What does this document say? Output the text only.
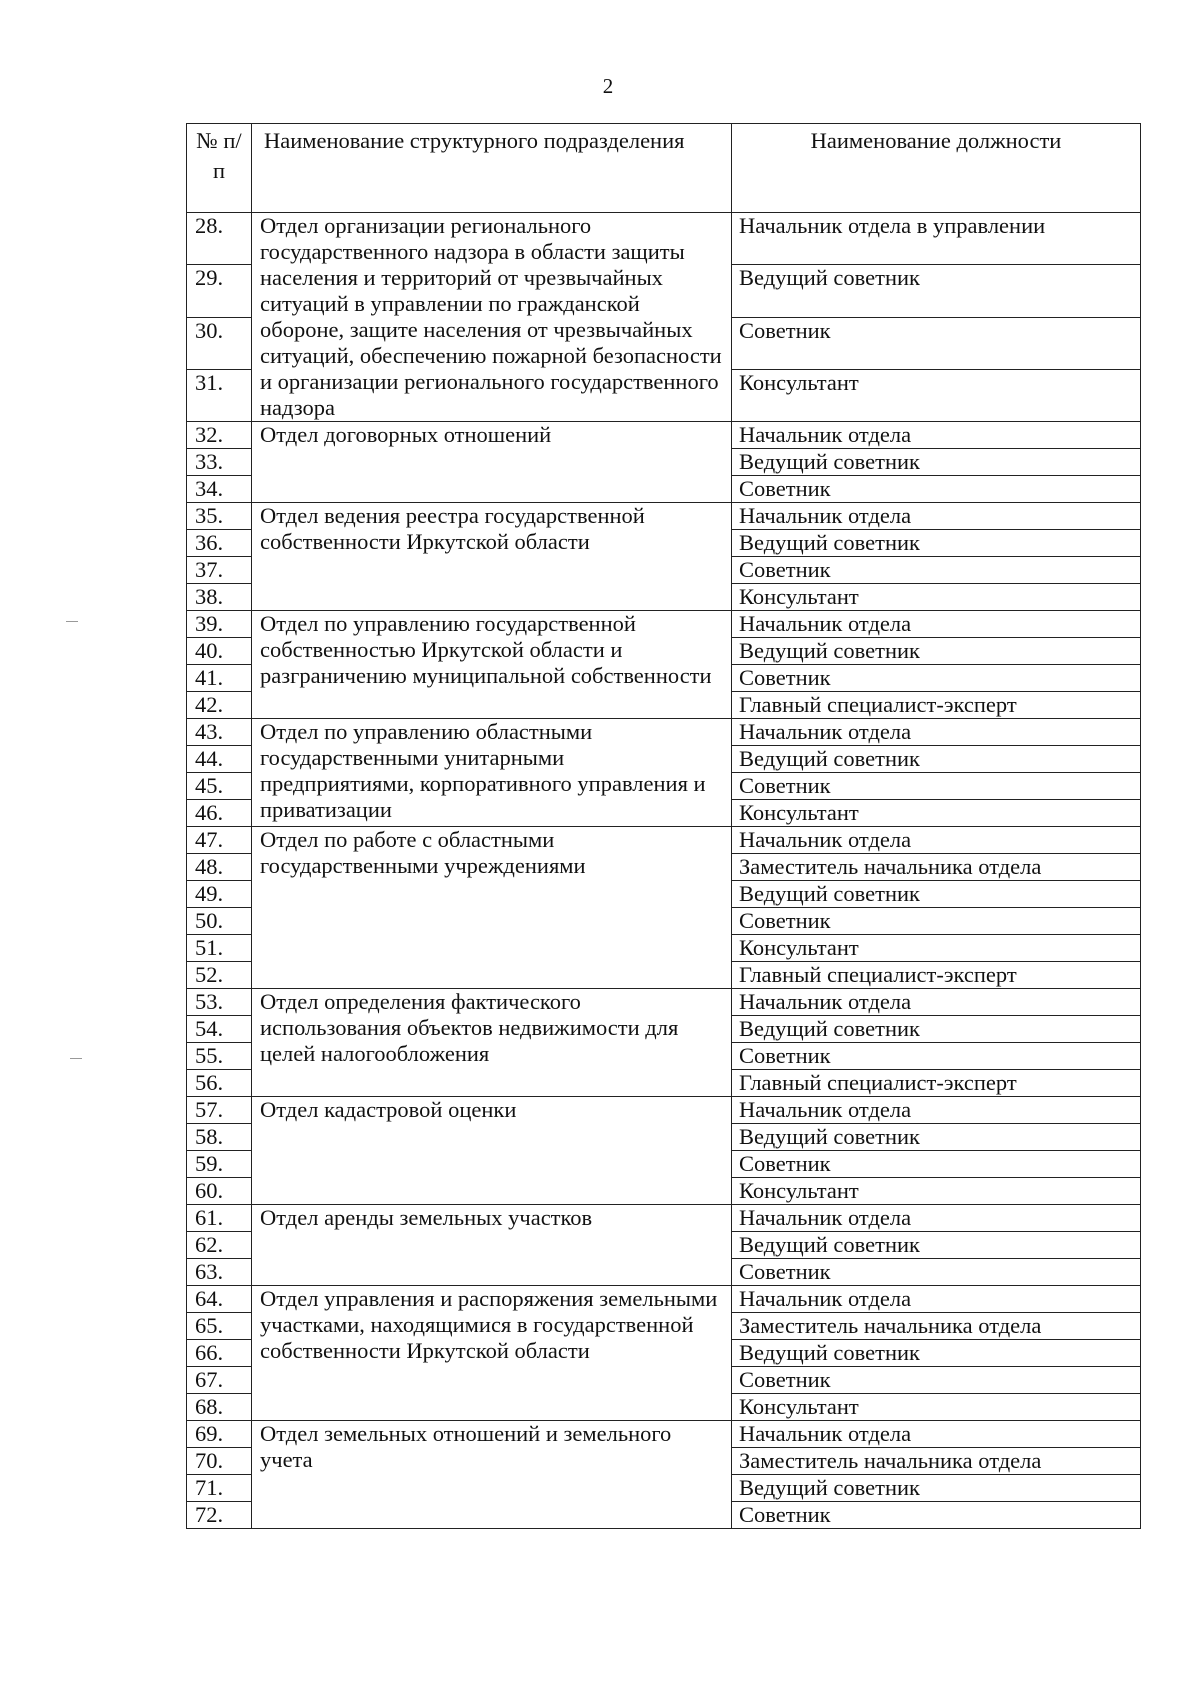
2
№ п/п	Наименование структурного подразделения	Наименование должности
28.	Отдел организации регионального государственного надзора в области защиты населения и территорий от чрезвычайных ситуаций в управлении по гражданской обороне, защите населения от чрезвычайных ситуаций, обеспечению пожарной безопасности и организации регионального государственного надзора	Начальник отдела в управлении
29.		Ведущий советник
30.		Советник
31.		Консультант
32.	Отдел договорных отношений	Начальник отдела
33.		Ведущий советник
34.		Советник
35.	Отдел ведения реестра государственной собственности Иркутской области	Начальник отдела
36.		Ведущий советник
37.		Советник
38.		Консультант
39.	Отдел по управлению государственной собственностью Иркутской области и разграничению муниципальной собственности	Начальник отдела
40.		Ведущий советник
41.		Советник
42.		Главный специалист-эксперт
43.	Отдел по управлению областными государственными унитарными предприятиями, корпоративного управления и приватизации	Начальник отдела
44.		Ведущий советник
45.		Советник
46.		Консультант
47.	Отдел по работе с областными государственными учреждениями	Начальник отдела
48.		Заместитель начальника отдела
49.		Ведущий советник
50.		Советник
51.		Консультант
52.		Главный специалист-эксперт
53.	Отдел определения фактического использования объектов недвижимости для целей налогообложения	Начальник отдела
54.		Ведущий советник
55.		Советник
56.		Главный специалист-эксперт
57.	Отдел кадастровой оценки	Начальник отдела
58.		Ведущий советник
59.		Советник
60.		Консультант
61.	Отдел аренды земельных участков	Начальник отдела
62.		Ведущий советник
63.		Советник
64.	Отдел управления и распоряжения земельными участками, находящимися в государственной собственности Иркутской области	Начальник отдела
65.		Заместитель начальника отдела
66.		Ведущий советник
67.		Советник
68.		Консультант
69.	Отдел земельных отношений и земельного учета	Начальник отдела
70.		Заместитель начальника отдела
71.		Ведущий советник
72.		Советник
